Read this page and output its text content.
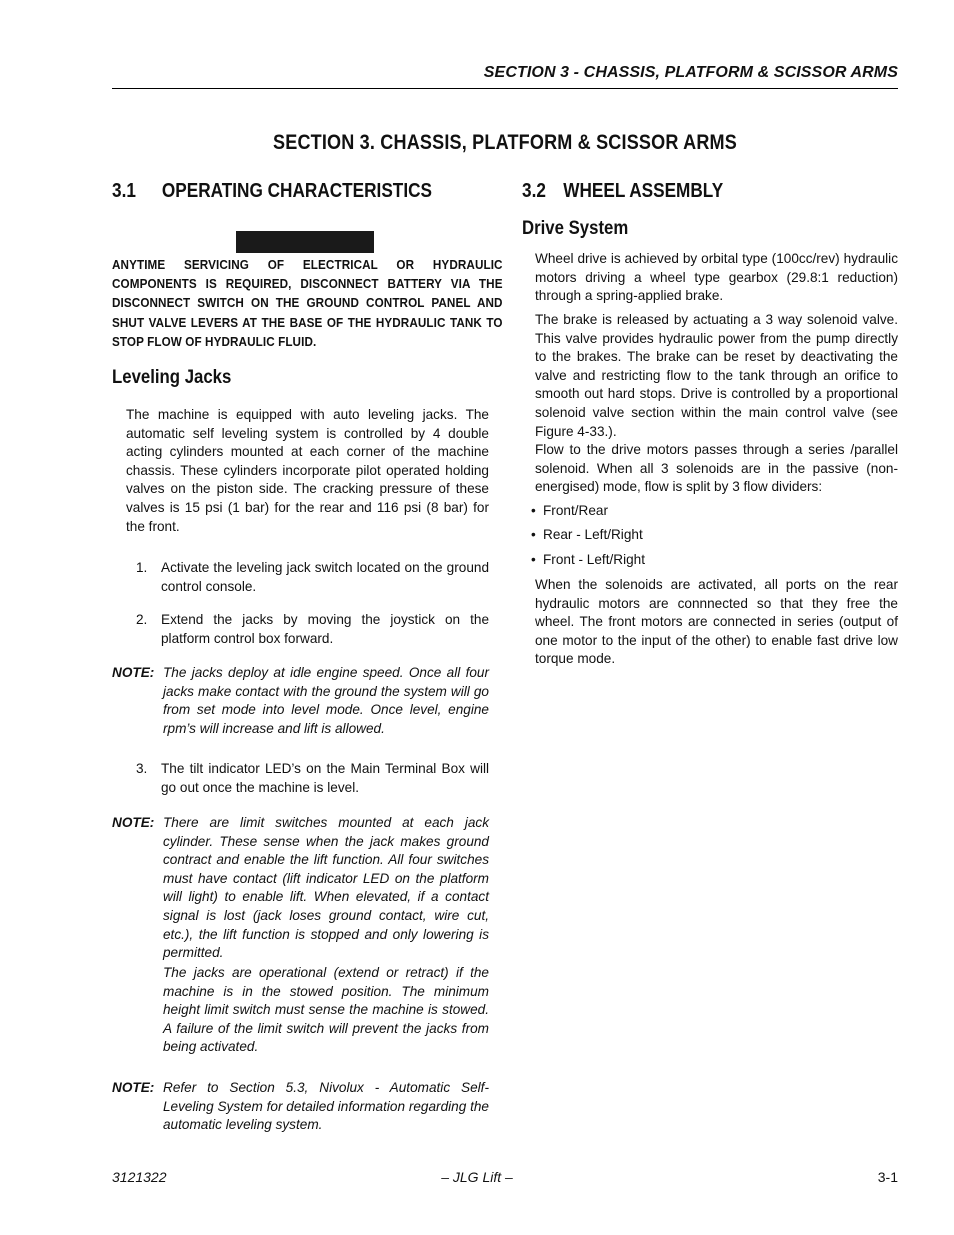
SECTION 3 - CHASSIS, PLATFORM & SCISSOR ARMS
SECTION 3. CHASSIS, PLATFORM & SCISSOR ARMS
3.1 OPERATING CHARACTERISTICS
ANYTIME SERVICING OF ELECTRICAL OR HYDRAULIC COMPONENTS IS REQUIRED, DISCONNECT BATTERY VIA THE DISCONNECT SWITCH ON THE GROUND CONTROL PANEL AND SHUT VALVE LEVERS AT THE BASE OF THE HYDRAULIC TANK TO STOP FLOW OF HYDRAULIC FLUID.
Leveling Jacks
The machine is equipped with auto leveling jacks. The automatic self leveling system is controlled by 4 double acting cylinders mounted at each corner of the machine chassis. These cylinders incorporate pilot operated holding valves on the piston side. The cracking pressure of these valves is 15 psi (1 bar) for the rear and 116 psi (8 bar) for the front.
1. Activate the leveling jack switch located on the ground control console.
2. Extend the jacks by moving the joystick on the platform control box forward.
NOTE: The jacks deploy at idle engine speed. Once all four jacks make contact with the ground the system will go from set mode into level mode. Once level, engine rpm’s will increase and lift is allowed.
3. The tilt indicator LED’s on the Main Terminal Box will go out once the machine is level.
NOTE: There are limit switches mounted at each jack cylinder. These sense when the jack makes ground contract and enable the lift function. All four switches must have contact (lift indicator LED on the platform will light) to enable lift. When elevated, if a contact signal is lost (jack loses ground contact, wire cut, etc.), the lift function is stopped and only lowering is permitted.
The jacks are operational (extend or retract) if the machine is in the stowed position. The minimum height limit switch must sense the machine is stowed. A failure of the limit switch will prevent the jacks from being activated.
NOTE: Refer to Section 5.3, Nivolux - Automatic Self-Leveling System for detailed information regarding the automatic leveling system.
3.2 WHEEL ASSEMBLY
Drive System
Wheel drive is achieved by orbital type (100cc/rev) hydraulic motors driving a wheel type gearbox (29.8:1 reduction) through a spring-applied brake.
The brake is released by actuating a 3 way solenoid valve. This valve provides hydraulic power from the pump directly to the brakes. The brake can be reset by deactivating the valve and restricting flow to the tank through an orifice to smooth out hard stops. Drive is controlled by a proportional solenoid valve section within the main control valve (see Figure 4-33.).
Flow to the drive motors passes through a series /parallel solenoid. When all 3 solenoids are in the passive (non-energised) mode, flow is split by 3 flow dividers:
• Front/Rear
• Rear - Left/Right
• Front - Left/Right
When the solenoids are activated, all ports on the rear hydraulic motors are connnected so that they free the wheel. The front motors are connected in series (output of one motor to the input of the other) to enable fast drive low torque mode.
3121322	– JLG Lift –	3-1
